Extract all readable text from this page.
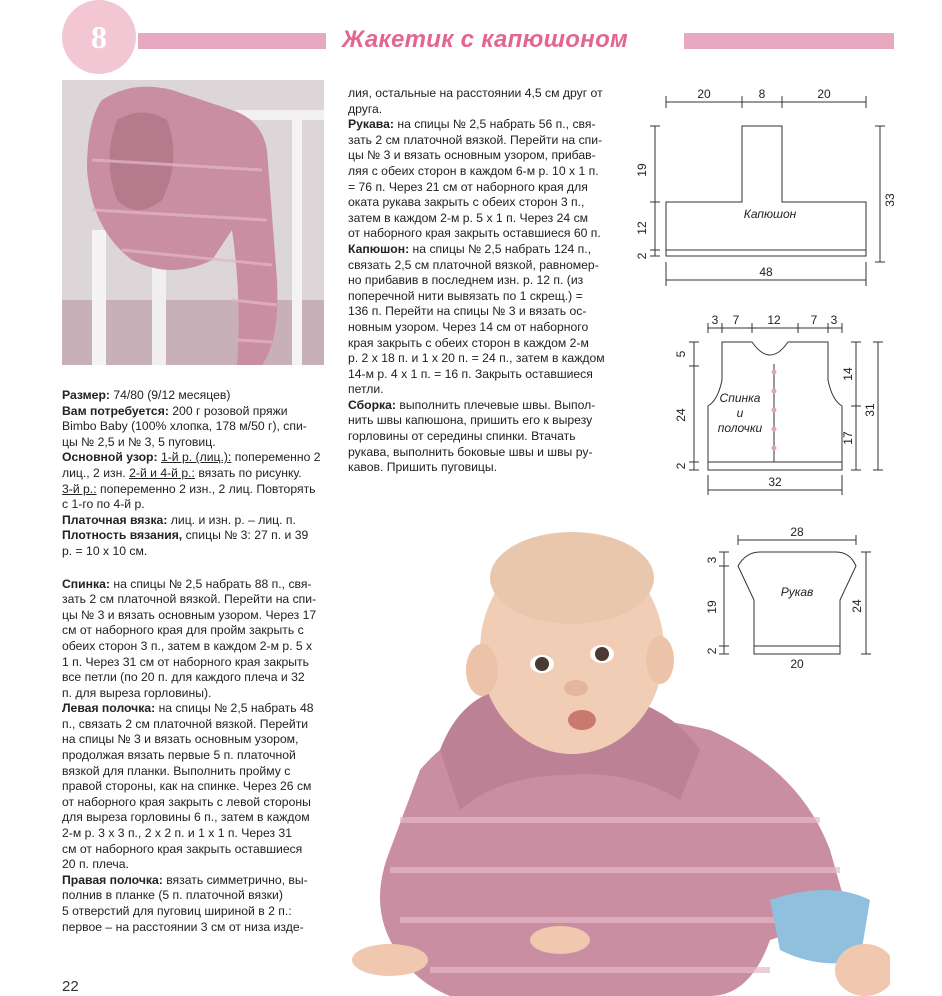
8	Жакетик с капюшоном

Размер: 74/80 (9/12 месяцев)

Вам потребуется: 200 г розовой пряжи

Bimbo Baby (100% хлопка, 178 м/50 г), спи-

цы № 2,5 и № 3, 5 пуговиц.

Основной узор: 1-й р. (лиц.): попеременно 2

лиц., 2 изн. 2-й и 4-й р.: вязать по рисунку.

3-й р.: попеременно 2 изн., 2 лиц. Повторять

с 1-го по 4-й р.

Платочная вязка: лиц. и изн. р. – лиц. п.

Плотность вязания, спицы № 3: 27 п. и 39

р. = 10 х 10 см.

Спинка: на спицы № 2,5 набрать 88 п., свя-

зать 2 см платочной вязкой. Перейти на спи-

цы № 3 и вязать основным узором. Через 17

см от наборного края для пройм закрыть с

обеих сторон 3 п., затем в каждом 2-м р. 5 х

1 п. Через 31 см от наборного края закрыть

все петли (по 20 п. для каждого плеча и 32

п. для выреза горловины).

Левая полочка: на спицы № 2,5 набрать 48

п., связать 2 см платочной вязкой. Перейти

на спицы № 3 и вязать основным узором,

продолжая вязать первые 5 п. платочной

вязкой для планки. Выполнить пройму с

правой стороны, как на спинке. Через 26 см

от наборного края закрыть с левой стороны

для выреза горловины 6 п., затем в каждом

2-м р. 3 х 3 п., 2 х 2 п. и 1 х 1 п. Через 31

см от наборного края закрыть оставшиеся

20 п. плеча.

Правая полочка: вязать симметрично, вы-

полнив в планке (5 п. платочной вязки)

5 отверстий для пуговиц шириной в 2 п.:

первое – на расстоянии 3 см от низа изде-

лия, остальные на расстоянии 4,5 см друг от

друга.

Рукава: на спицы № 2,5 набрать 56 п., свя-

зать 2 см платочной вязкой. Перейти на спи-

цы № 3 и вязать основным узором, прибав-

ляя с обеих сторон в каждом 6-м р. 10 х 1 п.

= 76 п. Через 21 см от наборного края для

оката рукава закрыть с обеих сторон 3 п.,

затем в каждом 2-м р. 5 х 1 п. Через 24 см

от наборного края закрыть оставшиеся 60 п.

Капюшон: на спицы № 2,5 набрать 124 п.,

связать 2,5 см платочной вязкой, равномер-

но прибавив в последнем изн. р. 12 п. (из

поперечной нити вывязать по 1 скрещ.) =

136 п. Перейти на спицы № 3 и вязать ос-

новным узором. Через 14 см от наборного

края закрыть с обеих сторон в каждом 2-м

р. 2 х 18 п. и 1 х 20 п. = 24 п., затем в каждом

14-м р. 4 х 1 п. = 16 п. Закрыть оставшиеся

петли.

Сборка: выполнить плечевые швы. Выпол-

нить швы капюшона, пришить его к вырезу

горловины от середины спинки. Втачать

рукава, выполнить боковые швы и швы ру-

кавов. Пришить пуговицы.

20	8	20
19
12
2
33
48
Капюшон
3 7 12 7 3
5
24
2
14
17
31
32
Спинка
и
полочки
28
3
19
2
24
20
Рукав
22
